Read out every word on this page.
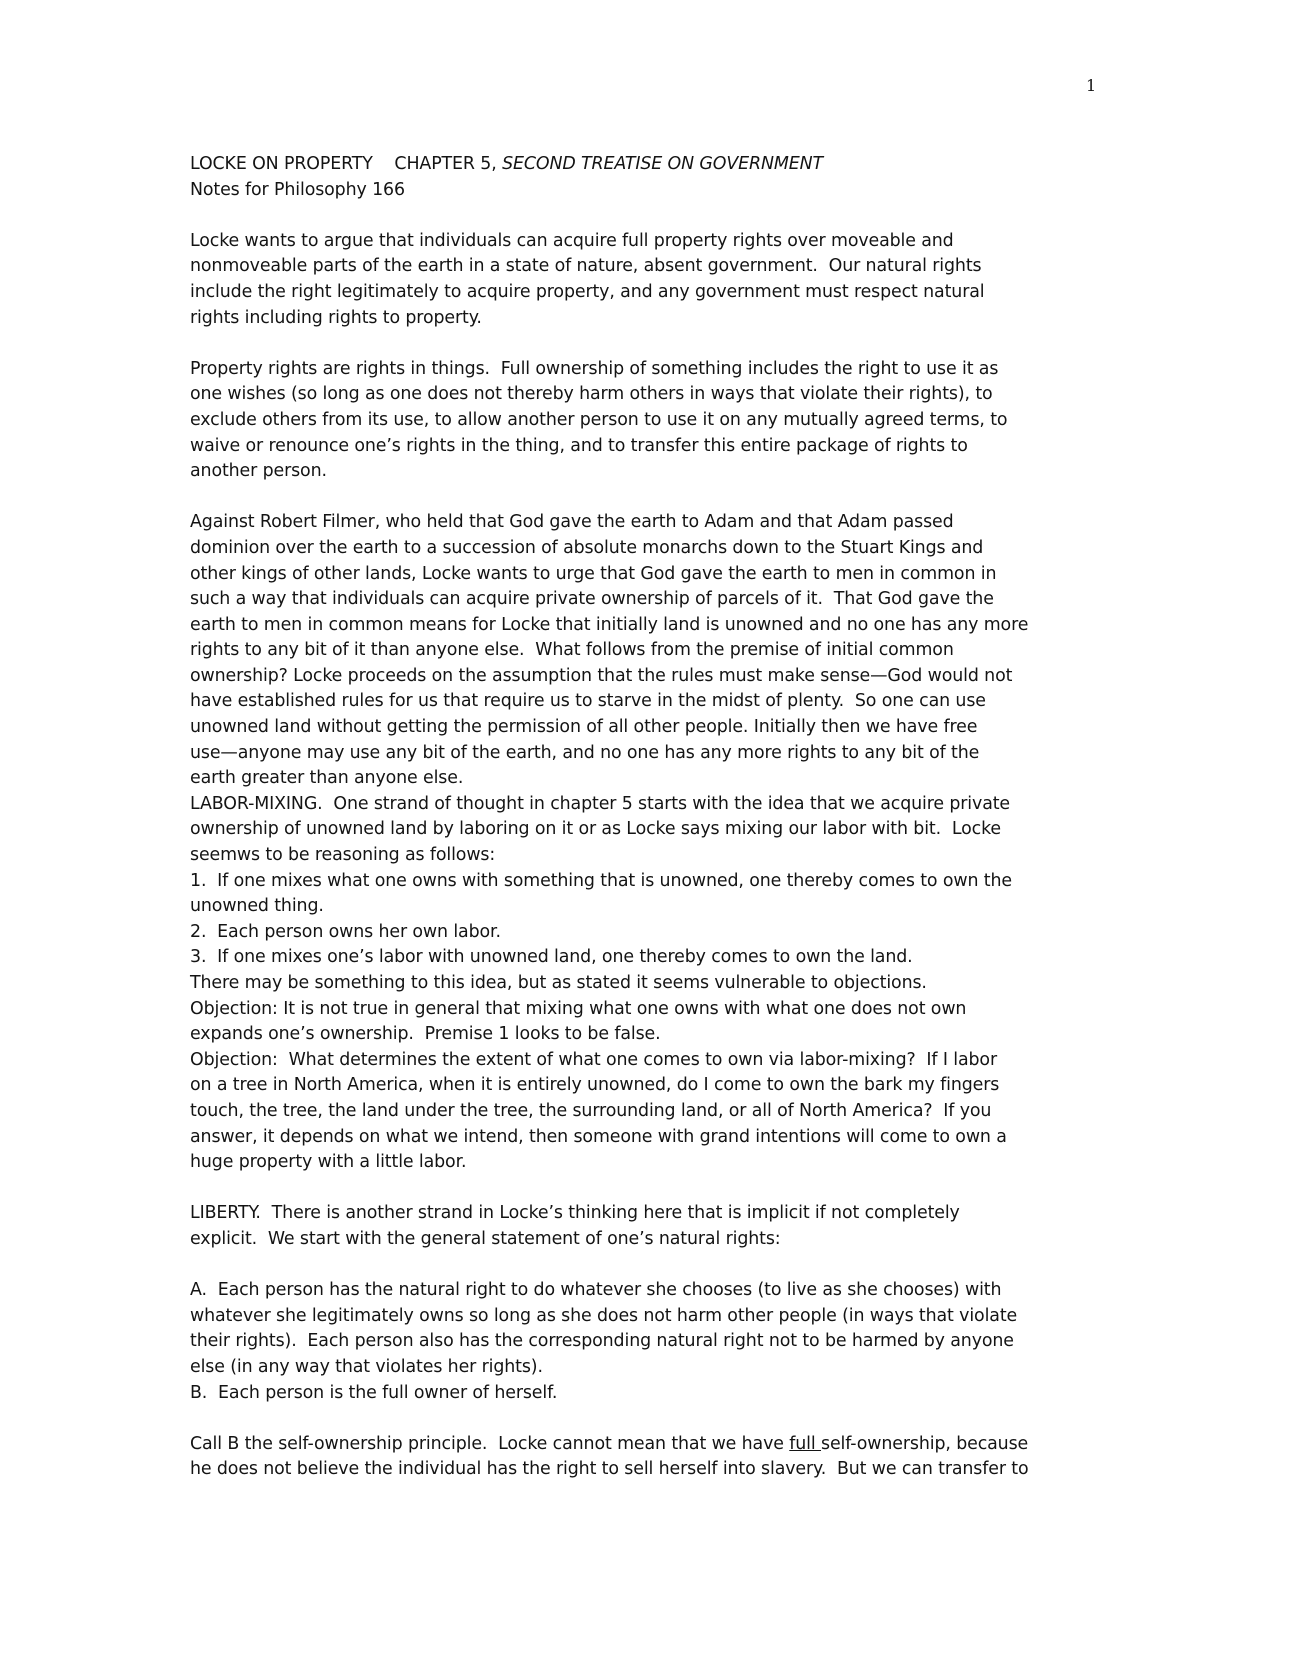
1
LOCKE ON PROPERTY    CHAPTER 5, SECOND TREATISE ON GOVERNMENT
Notes for Philosophy 166
Locke wants to argue that individuals can acquire full property rights over moveable and
nonmoveable parts of the earth in a state of nature, absent government.  Our natural rights
include the right legitimately to acquire property, and any government must respect natural
rights including rights to property.
Property rights are rights in things.  Full ownership of something includes the right to use it as
one wishes (so long as one does not thereby harm others in ways that violate their rights), to
exclude others from its use, to allow another person to use it on any mutually agreed terms, to
waive or renounce one’s rights in the thing, and to transfer this entire package of rights to
another person.
Against Robert Filmer, who held that God gave the earth to Adam and that Adam passed
dominion over the earth to a succession of absolute monarchs down to the Stuart Kings and
other kings of other lands, Locke wants to urge that God gave the earth to men in common in
such a way that individuals can acquire private ownership of parcels of it.  That God gave the
earth to men in common means for Locke that initially land is unowned and no one has any more
rights to any bit of it than anyone else.  What follows from the premise of initial common
ownership? Locke proceeds on the assumption that the rules must make sense—God would not
have established rules for us that require us to starve in the midst of plenty.  So one can use
unowned land without getting the permission of all other people. Initially then we have free
use—anyone may use any bit of the earth, and no one has any more rights to any bit of the
earth greater than anyone else.
LABOR-MIXING.  One strand of thought in chapter 5 starts with the idea that we acquire private
ownership of unowned land by laboring on it or as Locke says mixing our labor with bit.  Locke
seemws to be reasoning as follows:
1.  If one mixes what one owns with something that is unowned, one thereby comes to own the
unowned thing.
2.  Each person owns her own labor.
3.  If one mixes one’s labor with unowned land, one thereby comes to own the land.
There may be something to this idea, but as stated it seems vulnerable to objections.
Objection: It is not true in general that mixing what one owns with what one does not own
expands one’s ownership.  Premise 1 looks to be false.
Objection:  What determines the extent of what one comes to own via labor-mixing?  If I labor
on a tree in North America, when it is entirely unowned, do I come to own the bark my fingers
touch, the tree, the land under the tree, the surrounding land, or all of North America?  If you
answer, it depends on what we intend, then someone with grand intentions will come to own a
huge property with a little labor.
LIBERTY.  There is another strand in Locke’s thinking here that is implicit if not completely
explicit.  We start with the general statement of one’s natural rights:
A.  Each person has the natural right to do whatever she chooses (to live as she chooses) with
whatever she legitimately owns so long as she does not harm other people (in ways that violate
their rights).  Each person also has the corresponding natural right not to be harmed by anyone
else (in any way that violates her rights).
B.  Each person is the full owner of herself.
Call B the self-ownership principle.  Locke cannot mean that we have full self-ownership, because
he does not believe the individual has the right to sell herself into slavery.  But we can transfer to
